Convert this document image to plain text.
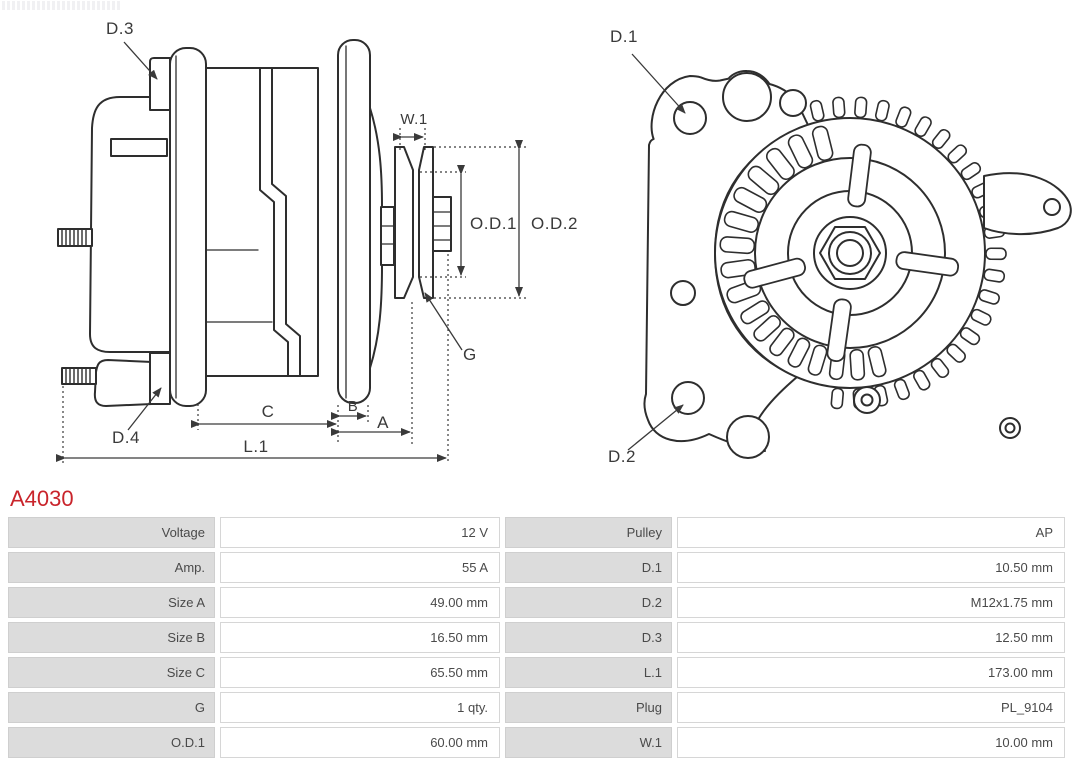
D.3
W.1
O.D.1 O.D.2
G
C	B
A
L.1
D.4
D.1
D.2
A4030
Voltage	12 V	Pulley	AP
Amp.	55 A	D.1	10.50 mm
Size A	49.00 mm	D.2	M12x1.75 mm
Size B	16.50 mm	D.3	12.50 mm
Size C	65.50 mm	L.1	173.00 mm
G	1 qty.	Plug	PL_9104
O.D.1	60.00 mm	W.1	10.00 mm
